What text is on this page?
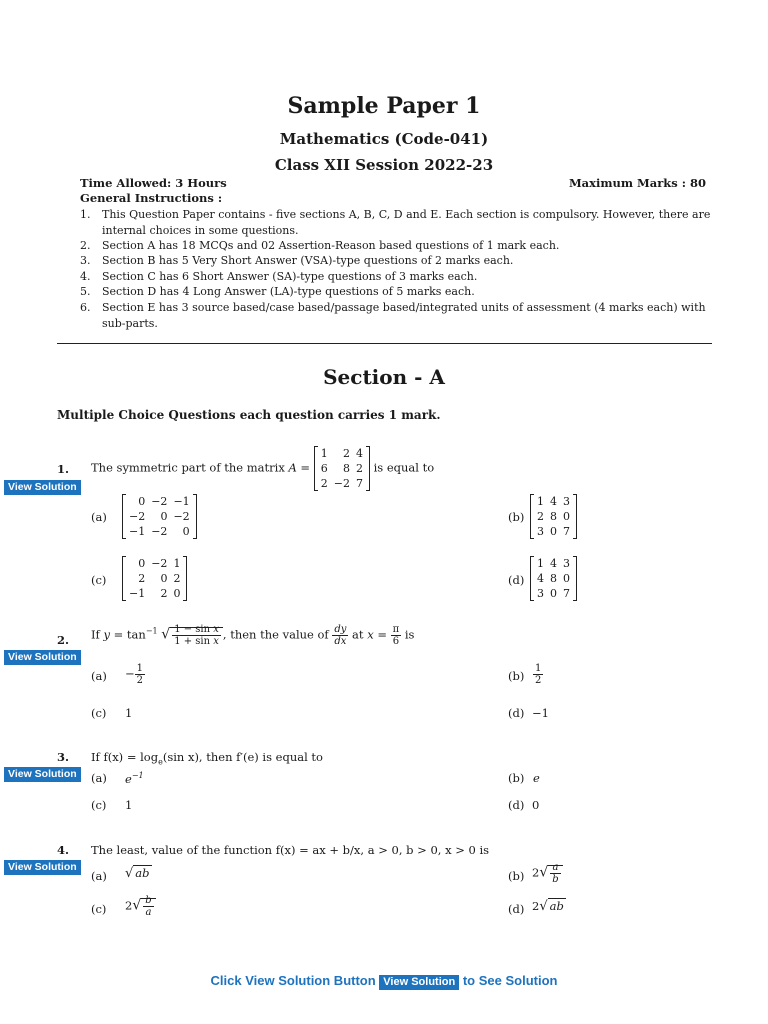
Sample Paper 1
Mathematics (Code-041)
Class XII Session 2022-23
Time Allowed: 3 Hours	Maximum Marks : 80
General Instructions :
1.	This Question Paper contains - five sections A, B, C, D and E. Each section is compulsory. However, there are internal choices in some questions.
2.	Section A has 18 MCQs and 02 Assertion-Reason based questions of 1 mark each.
3.	Section B has 5 Very Short Answer (VSA)-type questions of 2 marks each.
4.	Section C has 6 Short Answer (SA)-type questions of 3 marks each.
5.	Section D has 4 Long Answer (LA)-type questions of 5 marks each.
6.	Section E has 3 source based/case based/passage based/integrated units of assessment (4 marks each) with sub-parts.
Section - A
Multiple Choice Questions each question carries 1 mark.
1. The symmetric part of the matrix A =
1	2	4
6	8	2
2	−2	7
is equal to
View Solution
(a)
0	−2	−1
−2	0	−2
−1	−2	0
(b)
1	4	3
2	8	0
3	0	7
(c)
0	−2	1
2	0	2
−1	2	0
(d)
1	4	3
4	8	0
3	0	7
2. If $y = \tan^{-1}$ √ $\frac{\text{1 − sin x}}{\text{1 + sin x}}$ , then the value of $\frac{dy}{dx}$ at $x = \frac{\pi}{6}$ is
View Solution
$(a) - \frac{1}{2}$	$(b) \frac{1}{2}$
(c) 1	(d) −1
3. If $f(x) = \log_e(\sin$ x), then f′(e) is equal to
View Solution	(a) $e^{-1}$	(b) e
(c) 1	(d) 0
4. The least, value of the function f(x) = ax + b/x, a > 0, b > 0, x > 0 is
View Solution
(a) √ ab	(b) $2√ \frac{a}{b}$
(c) $2√ \frac{b}{a}$	(d) 2√ ab
Click View Solution Button View Solution to See Solution
